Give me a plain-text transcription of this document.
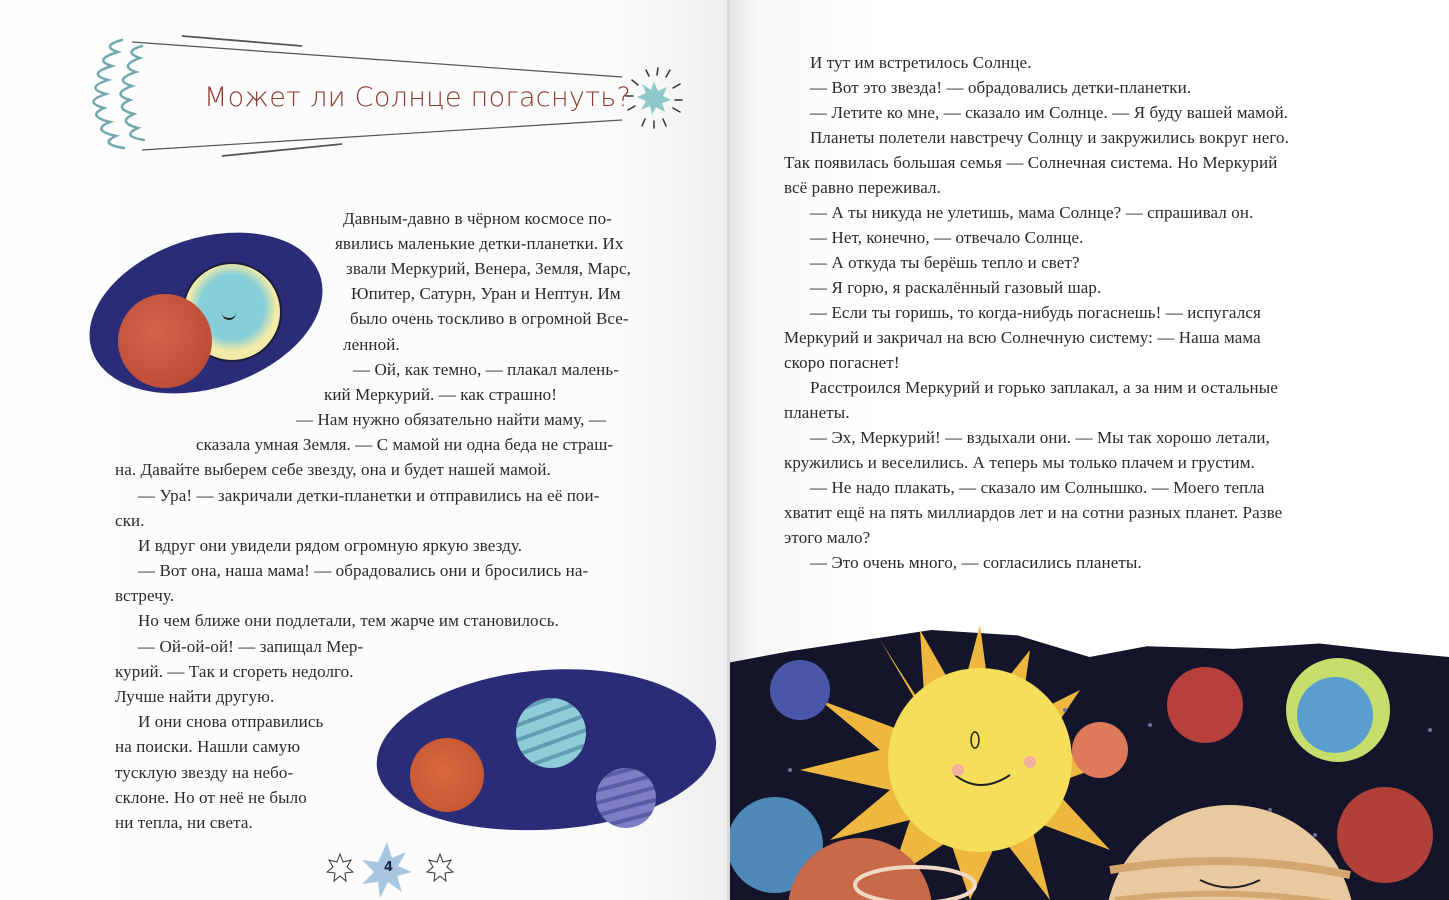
Может ли Солнце погаснуть?
Давным-давно в чёрном космосе по-
явились маленькие детки-планетки. Их
звали Меркурий, Венера, Земля, Марс,
Юпитер, Сатурн, Уран и Нептун. Им
было очень тоскливо в огромной Все-
ленной.
— Ой, как темно, — плакал малень-
кий Меркурий. — как страшно!
— Нам нужно обязательно найти маму, —
сказала умная Земля. — С мамой ни одна беда не страш-
на. Давайте выберем себе звезду, она и будет нашей мамой.
— Ура! — закричали детки-планетки и отправились на её пои-
ски.
И вдруг они увидели рядом огромную яркую звезду.
— Вот она, наша мама! — обрадовались они и бросились на-
встречу.
Но чем ближе они подлетали, тем жарче им становилось.
— Ой-ой-ой! — запищал Мер-
курий. — Так и сгореть недолго.
Лучше найти другую.
И они снова отправились
на поиски. Нашли самую
тусклую звезду на небо-
склоне. Но от неё не было
ни тепла, ни света.
4
И тут им встретилось Солнце.
— Вот это звезда! — обрадовались детки-планетки.
— Летите ко мне, — сказало им Солнце. — Я буду вашей мамой.
Планеты полетели навстречу Солнцу и закружились вокруг него.
Так появилась большая семья — Солнечная система. Но Меркурий
всё равно переживал.
— А ты никуда не улетишь, мама Солнце? — спрашивал он.
— Нет, конечно, — отвечало Солнце.
— А откуда ты берёшь тепло и свет?
— Я горю, я раскалённый газовый шар.
— Если ты горишь, то когда-нибудь погаснешь! — испугался
Меркурий и закричал на всю Солнечную систему: — Наша мама
скоро погаснет!
Расстроился Меркурий и горько заплакал, а за ним и остальные
планеты.
— Эх, Меркурий! — вздыхали они. — Мы так хорошо летали,
кружились и веселились. А теперь мы только плачем и грустим.
— Не надо плакать, — сказало им Солнышко. — Моего тепла
хватит ещё на пять миллиардов лет и на сотни разных планет. Разве
этого мало?
— Это очень много, — согласились планеты.
